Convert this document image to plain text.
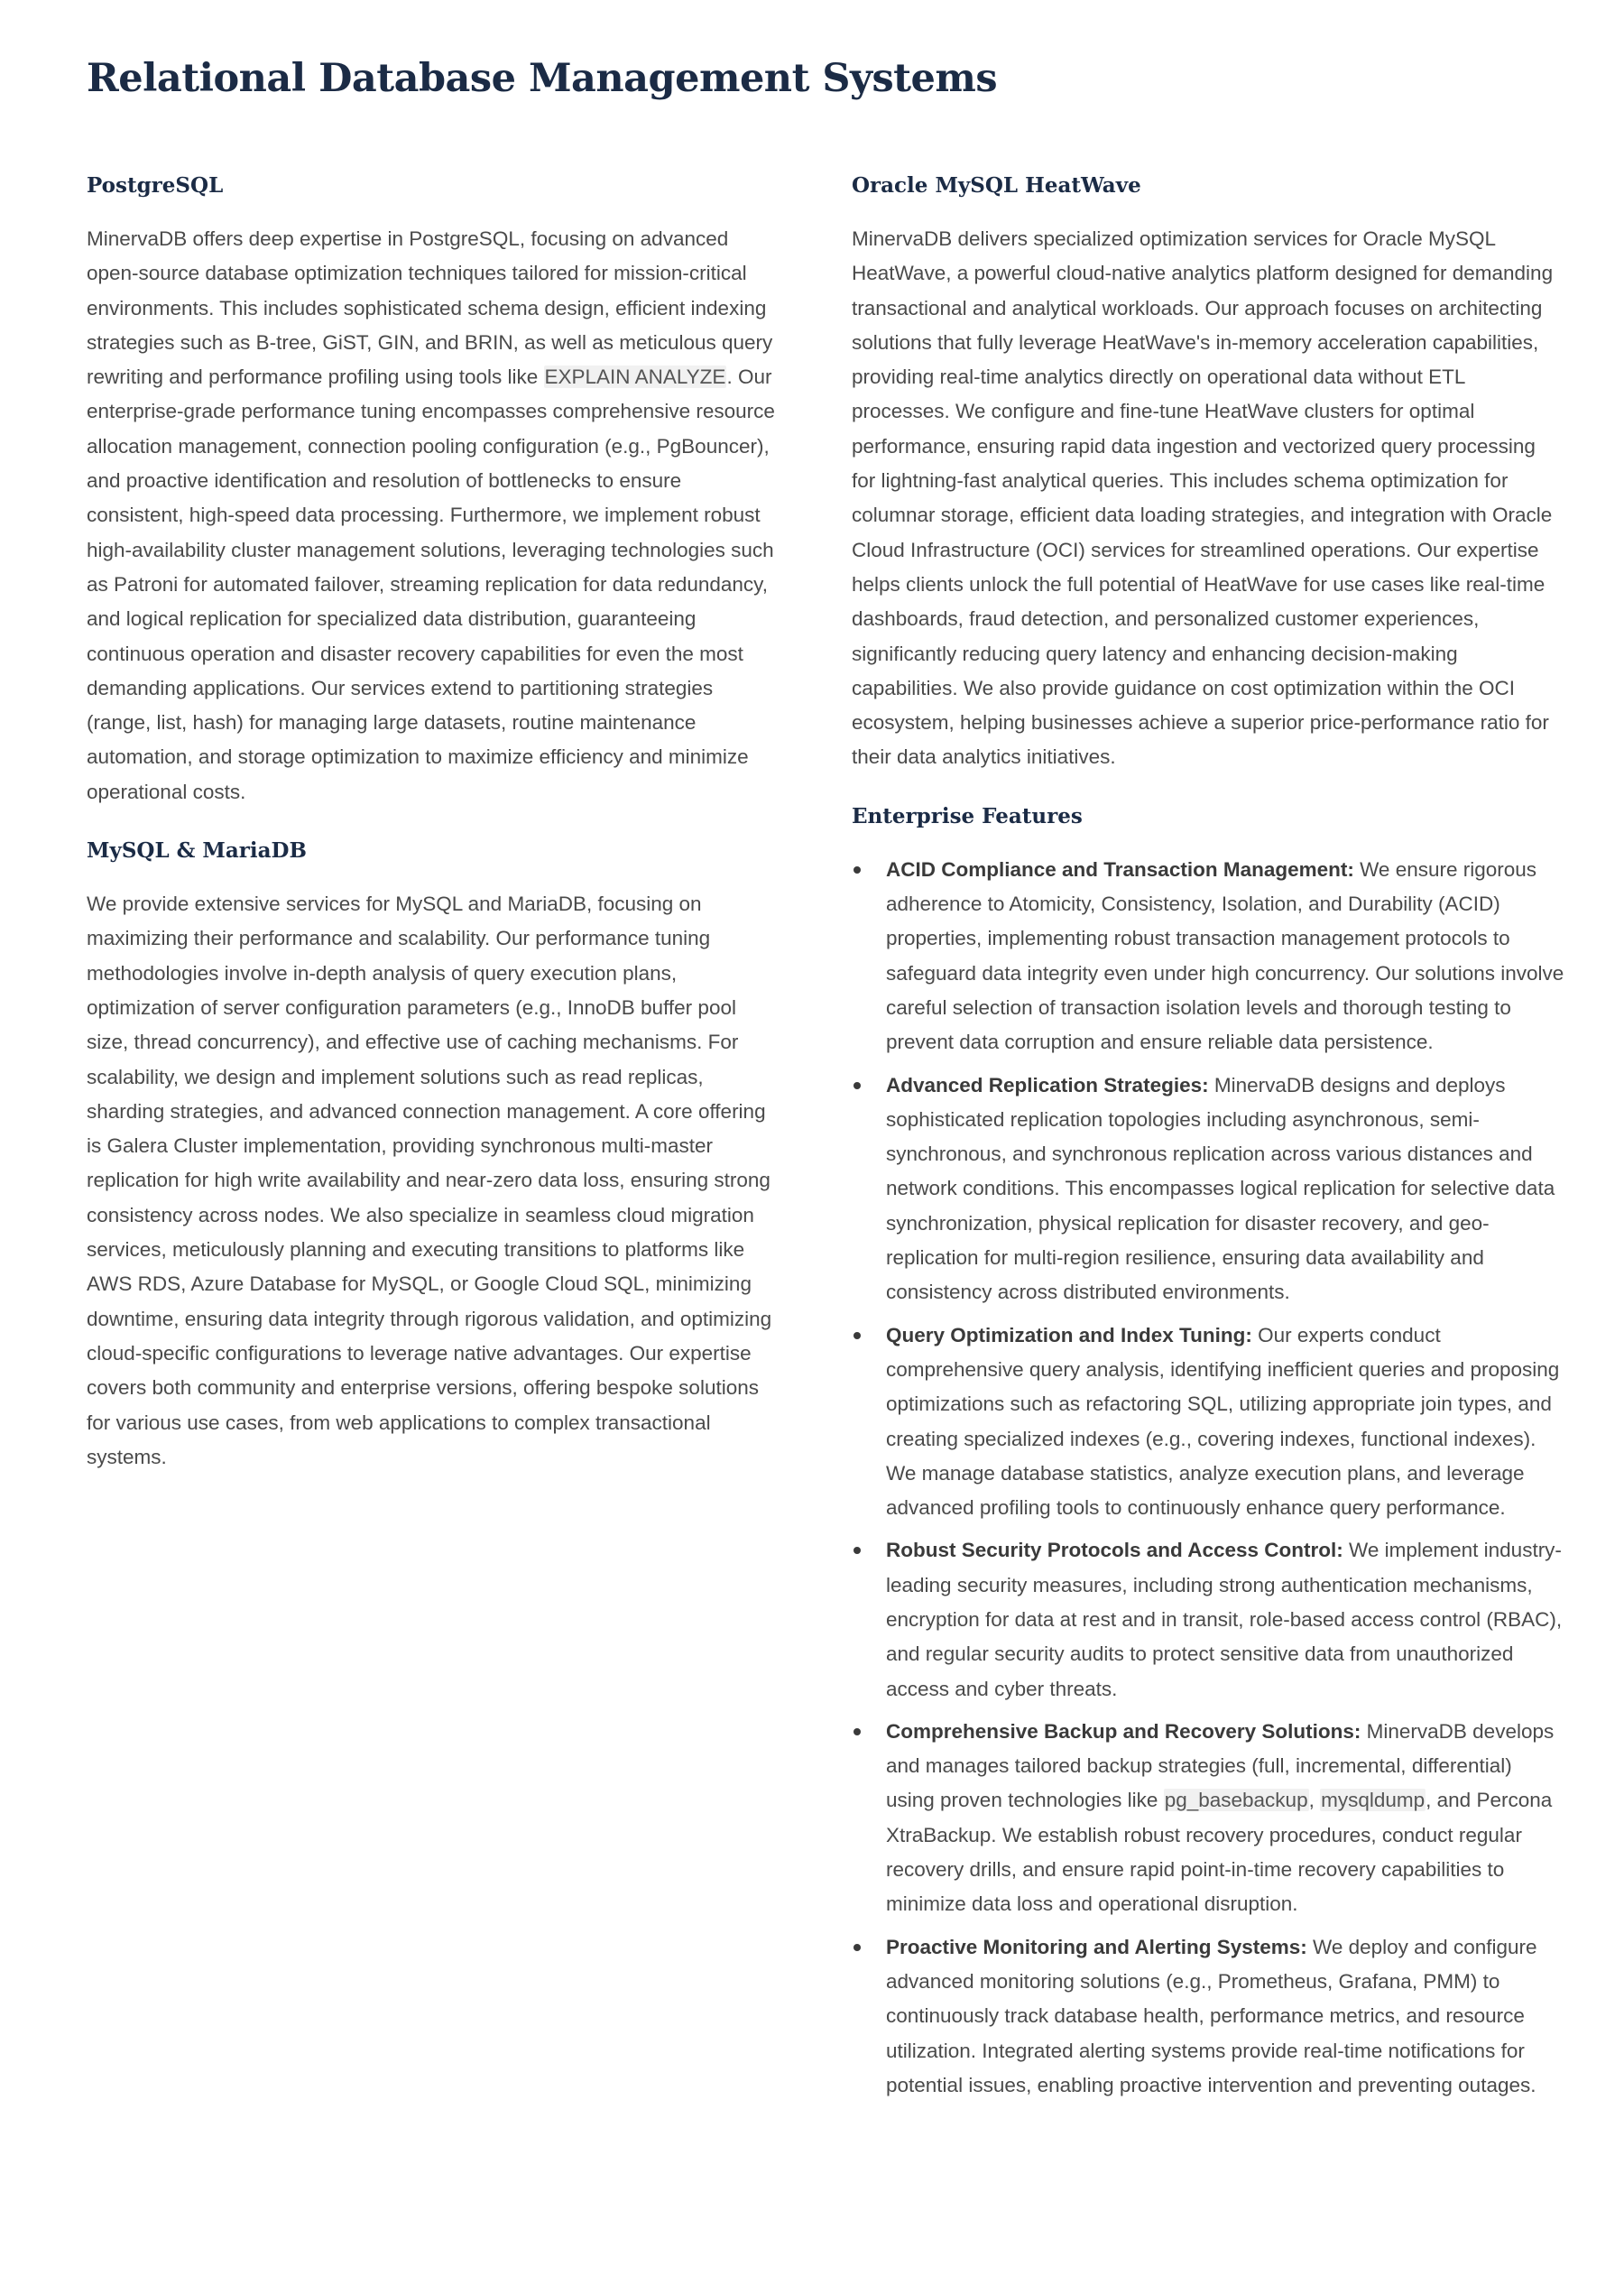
Relational Database Management Systems
PostgreSQL

MinervaDB offers deep expertise in PostgreSQL, focusing on advanced open-source database optimization techniques tailored for mission-critical environments. This includes sophisticated schema design, efficient indexing strategies such as B-tree, GiST, GIN, and BRIN, as well as meticulous query rewriting and performance profiling using tools like EXPLAIN ANALYZE. Our enterprise-grade performance tuning encompasses comprehensive resource allocation management, connection pooling configuration (e.g., PgBouncer), and proactive identification and resolution of bottlenecks to ensure consistent, high-speed data processing. Furthermore, we implement robust high-availability cluster management solutions, leveraging technologies such as Patroni for automated failover, streaming replication for data redundancy, and logical replication for specialized data distribution, guaranteeing continuous operation and disaster recovery capabilities for even the most demanding applications. Our services extend to partitioning strategies (range, list, hash) for managing large datasets, routine maintenance automation, and storage optimization to maximize efficiency and minimize operational costs.

MySQL & MariaDB

We provide extensive services for MySQL and MariaDB, focusing on maximizing their performance and scalability. Our performance tuning methodologies involve in-depth analysis of query execution plans, optimization of server configuration parameters (e.g., InnoDB buffer pool size, thread concurrency), and effective use of caching mechanisms. For scalability, we design and implement solutions such as read replicas, sharding strategies, and advanced connection management. A core offering is Galera Cluster implementation, providing synchronous multi-master replication for high write availability and near-zero data loss, ensuring strong consistency across nodes. We also specialize in seamless cloud migration services, meticulously planning and executing transitions to platforms like AWS RDS, Azure Database for MySQL, or Google Cloud SQL, minimizing downtime, ensuring data integrity through rigorous validation, and optimizing cloud-specific configurations to leverage native advantages. Our expertise covers both community and enterprise versions, offering bespoke solutions for various use cases, from web applications to complex transactional systems.

Oracle MySQL HeatWave

MinervaDB delivers specialized optimization services for Oracle MySQL HeatWave, a powerful cloud-native analytics platform designed for demanding transactional and analytical workloads. Our approach focuses on architecting solutions that fully leverage HeatWave's in-memory acceleration capabilities, providing real-time analytics directly on operational data without ETL processes. We configure and fine-tune HeatWave clusters for optimal performance, ensuring rapid data ingestion and vectorized query processing for lightning-fast analytical queries. This includes schema optimization for columnar storage, efficient data loading strategies, and integration with Oracle Cloud Infrastructure (OCI) services for streamlined operations. Our expertise helps clients unlock the full potential of HeatWave for use cases like real-time dashboards, fraud detection, and personalized customer experiences, significantly reducing query latency and enhancing decision-making capabilities. We also provide guidance on cost optimization within the OCI ecosystem, helping businesses achieve a superior price-performance ratio for their data analytics initiatives.

Enterprise Features
ACID Compliance and Transaction Management: We ensure rigorous adherence to Atomicity, Consistency, Isolation, and Durability (ACID) properties, implementing robust transaction management protocols to safeguard data integrity even under high concurrency. Our solutions involve careful selection of transaction isolation levels and thorough testing to prevent data corruption and ensure reliable data persistence.
Advanced Replication Strategies: MinervaDB designs and deploys sophisticated replication topologies including asynchronous, semi-synchronous, and synchronous replication across various distances and network conditions. This encompasses logical replication for selective data synchronization, physical replication for disaster recovery, and geo-replication for multi-region resilience, ensuring data availability and consistency across distributed environments.
Query Optimization and Index Tuning: Our experts conduct comprehensive query analysis, identifying inefficient queries and proposing optimizations such as refactoring SQL, utilizing appropriate join types, and creating specialized indexes (e.g., covering indexes, functional indexes). We manage database statistics, analyze execution plans, and leverage advanced profiling tools to continuously enhance query performance.
Robust Security Protocols and Access Control: We implement industry-leading security measures, including strong authentication mechanisms, encryption for data at rest and in transit, role-based access control (RBAC), and regular security audits to protect sensitive data from unauthorized access and cyber threats.
Comprehensive Backup and Recovery Solutions: MinervaDB develops and manages tailored backup strategies (full, incremental, differential) using proven technologies like pg_basebackup, mysqldump, and Percona XtraBackup. We establish robust recovery procedures, conduct regular recovery drills, and ensure rapid point-in-time recovery capabilities to minimize data loss and operational disruption.
Proactive Monitoring and Alerting Systems: We deploy and configure advanced monitoring solutions (e.g., Prometheus, Grafana, PMM) to continuously track database health, performance metrics, and resource utilization. Integrated alerting systems provide real-time notifications for potential issues, enabling proactive intervention and preventing outages.
